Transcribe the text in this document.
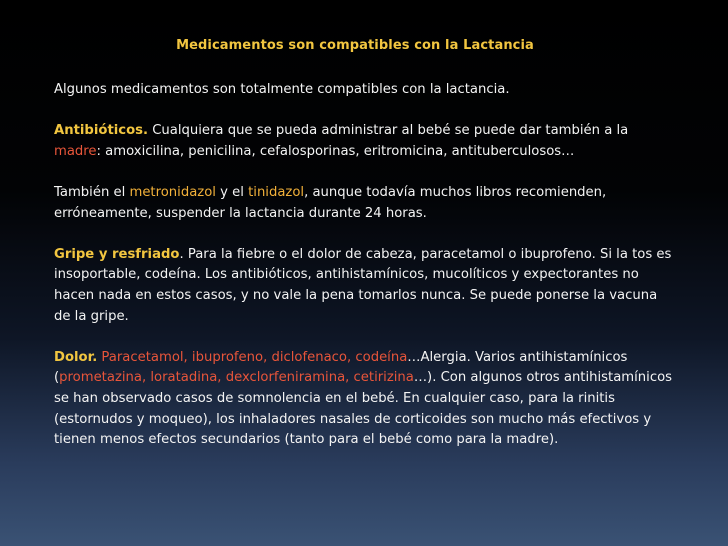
Medicamentos son compatibles con la Lactancia

Algunos medicamentos son totalmente compatibles con la lactancia.

Antibióticos. Cualquiera que se pueda administrar al bebé se puede dar también a la madre: amoxicilina, penicilina, cefalosporinas, eritromicina, antituberculosos…

También el metronidazol y el tinidazol, aunque todavía muchos libros recomienden, erróneamente, suspender la lactancia durante 24 horas.

Gripe y resfriado. Para la fiebre o el dolor de cabeza, paracetamol o ibuprofeno. Si la tos es insoportable, codeína. Los antibióticos, antihistamínicos, mucolíticos y expectorantes no hacen nada en estos casos, y no vale la pena tomarlos nunca. Se puede ponerse la vacuna de la gripe.

Dolor. Paracetamol, ibuprofeno, diclofenaco, codeína…Alergia. Varios antihistamínicos (prometazina, loratadina, dexclorfeniramina, cetirizina…). Con algunos otros antihistamínicos se han observado casos de somnolencia en el bebé. En cualquier caso, para la rinitis (estornudos y moqueo), los inhaladores nasales de corticoides son mucho más efectivos y tienen menos efectos secundarios (tanto para el bebé como para la madre).
